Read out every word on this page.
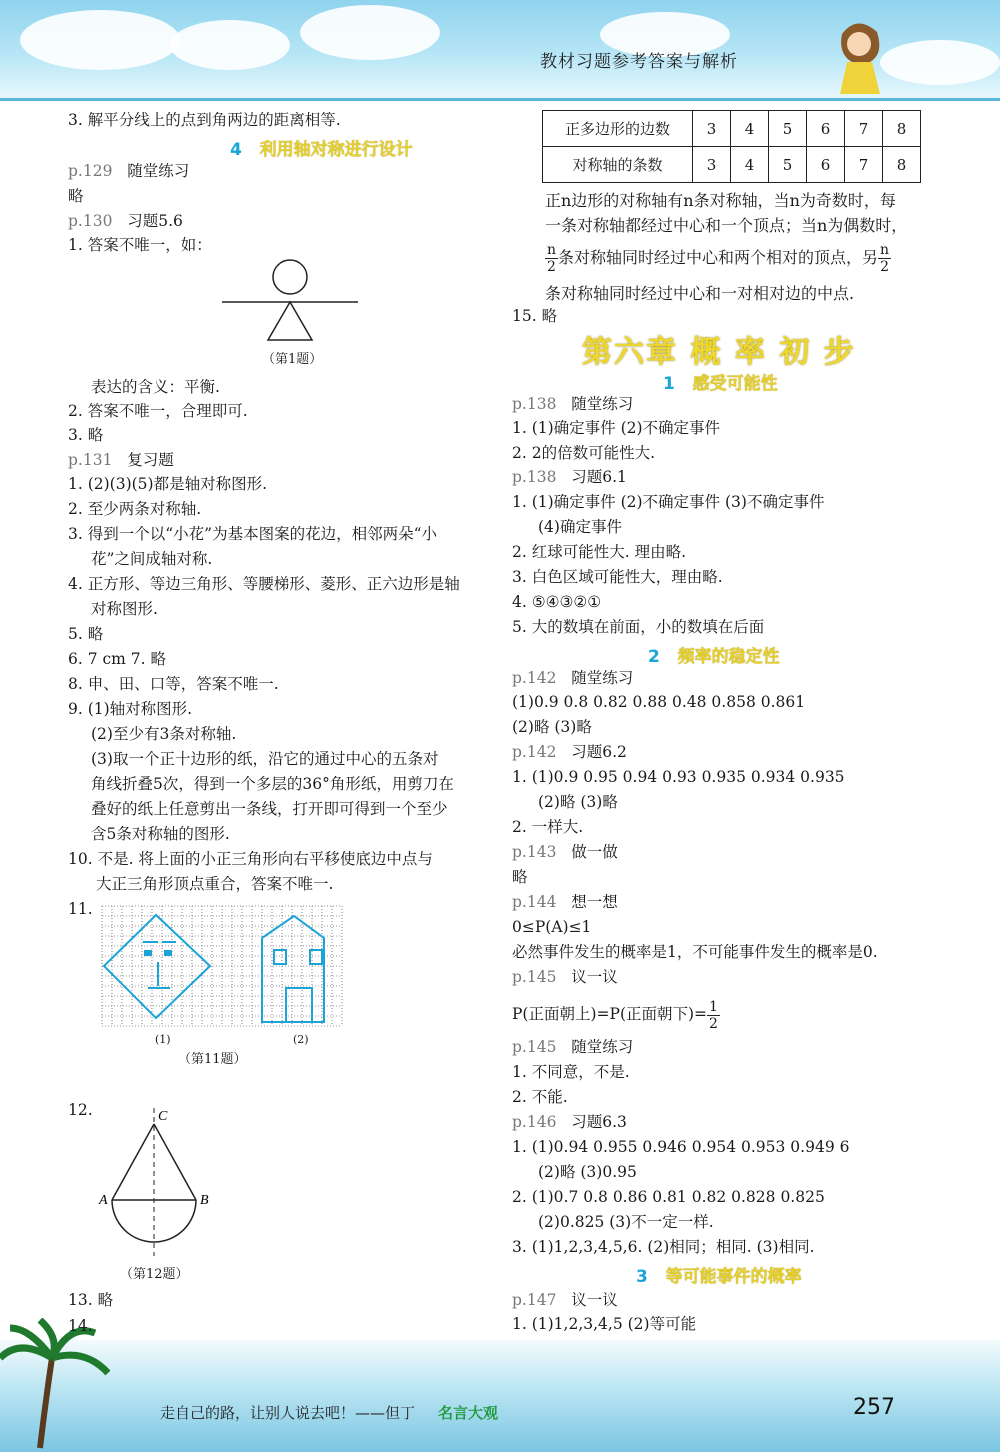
教材习题参考答案与解析
走自己的路，让别人说去吧！——但丁 名言大观	257
3. 解平分线上的点到角两边的距离相等.
4 利用轴对称进行设计
p.129 随堂练习
略
p.130 习题5.6
1. 答案不唯一，如：
（第1题）
表达的含义：平衡.
2. 答案不唯一，合理即可.
3. 略
p.131 复习题
1. (2)(3)(5)都是轴对称图形.
2. 至少两条对称轴.
3. 得到一个以“小花”为基本图案的花边，相邻两朵“小
花”之间成轴对称.
4. 正方形、等边三角形、等腰梯形、菱形、正六边形是轴
对称图形.
5. 略
6. 7 cm 7. 略
8. 申、田、口等，答案不唯一.
9. (1)轴对称图形.
(2)至少有3条对称轴.
(3)取一个正十边形的纸，沿它的通过中心的五条对
角线折叠5次，得到一个多层的36°角形纸，用剪刀在
叠好的纸上任意剪出一条线，打开即可得到一个至少
含5条对称轴的图形.
10. 不是. 将上面的小正三角形向右平移使底边中点与
大正三角形顶点重合，答案不唯一.
11.
(1)	(2)
（第11题）
12.	C
A	B
（第12题）
13. 略
14.
正多边形的边数	3	4	5	6	7	8
对称轴的条数	3	4	5	6	7	8
正n边形的对称轴有n条对称轴，当n为奇数时，每
一条对称轴都经过中心和一个顶点；当n为偶数时，
$\frac{n}{2}$ 条对称轴同时经过中心和两个相对的顶点，另 $\frac{n}{2}$
条对称轴同时经过中心和一对相对边的中点.
15. 略
第六章 概 率 初 步
1 感受可能性
p.138 随堂练习
1. (1)确定事件 (2)不确定事件
2. 2的倍数可能性大.
p.138 习题6.1
1. (1)确定事件 (2)不确定事件 (3)不确定事件
(4)确定事件
2. 红球可能性大. 理由略.
3. 白色区域可能性大，理由略.
4. ⑤④③②①
5. 大的数填在前面，小的数填在后面
2 频率的稳定性
p.142 随堂练习
(1)0.9 0.8 0.82 0.88 0.48 0.858 0.861
(2)略 (3)略
p.142 习题6.2
1. (1)0.9 0.95 0.94 0.93 0.935 0.934 0.935
(2)略 (3)略
2. 一样大.
p.143 做一做
略
p.144 想一想
0≤P(A)≤1
必然事件发生的概率是1，不可能事件发生的概率是0.
p.145 议一议
P(正面朝上)=P(正面朝下)= $\frac{1}{2}$
p.145 随堂练习
1. 不同意，不是.
2. 不能.
p.146 习题6.3
1. (1)0.94 0.955 0.946 0.954 0.953 0.949 6
(2)略 (3)0.95
2. (1)0.7 0.8 0.86 0.81 0.82 0.828 0.825
(2)0.825 (3)不一定一样.
3. (1)1,2,3,4,5,6. (2)相同；相同. (3)相同.
3 等可能事件的概率
p.147 议一议
1. (1)1,2,3,4,5 (2)等可能
